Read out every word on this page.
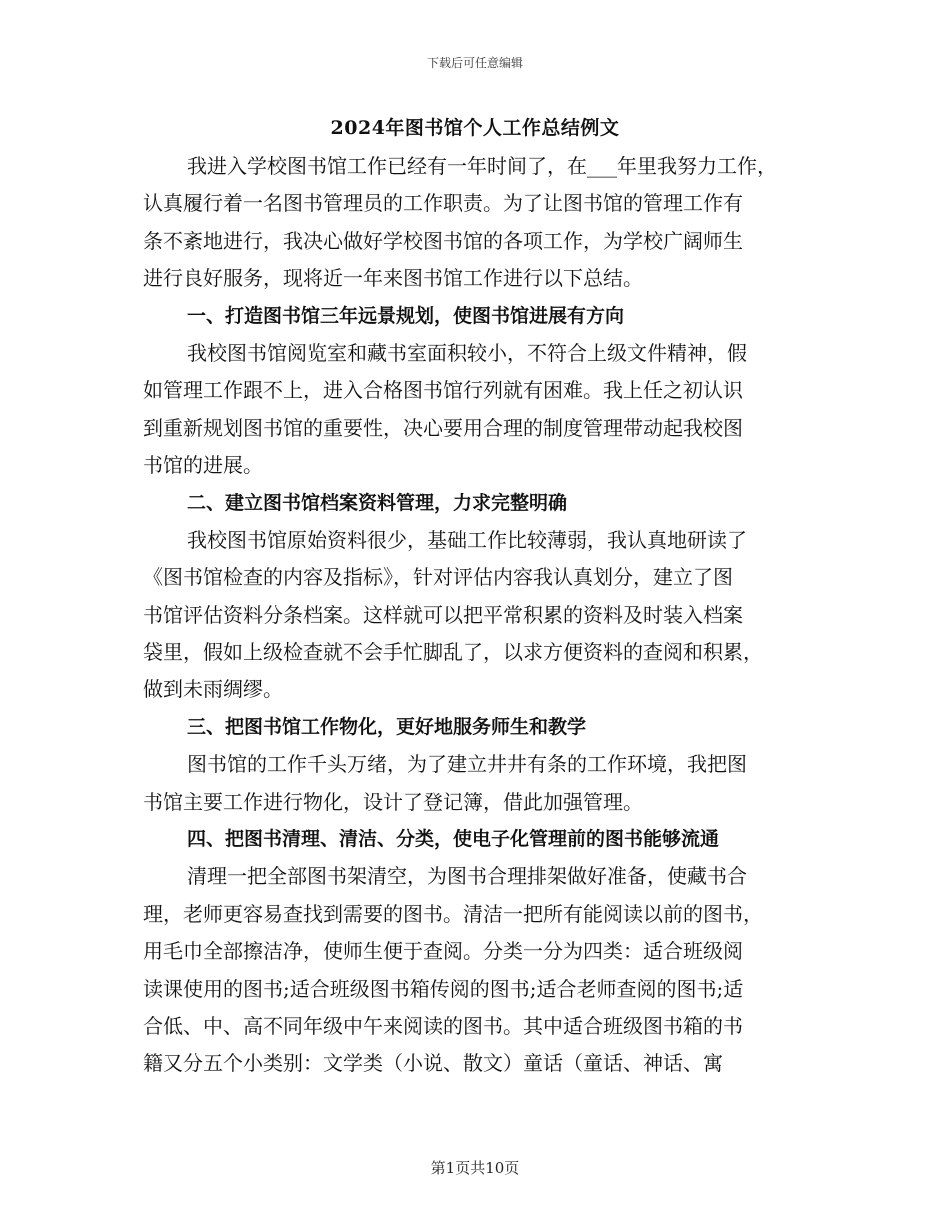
下载后可任意编辑
2024年图书馆个人工作总结例文
我进入学校图书馆工作已经有一年时间了，在___年里我努力工作，
认真履行着一名图书管理员的工作职责。为了让图书馆的管理工作有
条不紊地进行，我决心做好学校图书馆的各项工作，为学校广阔师生
进行良好服务，现将近一年来图书馆工作进行以下总结。
一、打造图书馆三年远景规划，使图书馆进展有方向
我校图书馆阅览室和藏书室面积较小，不符合上级文件精神，假
如管理工作跟不上，进入合格图书馆行列就有困难。我上任之初认识
到重新规划图书馆的重要性，决心要用合理的制度管理带动起我校图
书馆的进展。
二、建立图书馆档案资料管理，力求完整明确
我校图书馆原始资料很少，基础工作比较薄弱，我认真地研读了
《图书馆检查的内容及指标》，针对评估内容我认真划分，建立了图
书馆评估资料分条档案。这样就可以把平常积累的资料及时装入档案
袋里，假如上级检查就不会手忙脚乱了，以求方便资料的查阅和积累，
做到未雨绸缪。
三、把图书馆工作物化，更好地服务师生和教学
图书馆的工作千头万绪，为了建立井井有条的工作环境，我把图
书馆主要工作进行物化，设计了登记簿，借此加强管理。
四、把图书清理、清洁、分类，使电子化管理前的图书能够流通
清理一把全部图书架清空，为图书合理排架做好准备，使藏书合
理，老师更容易查找到需要的图书。清洁一把所有能阅读以前的图书，
用毛巾全部擦洁净，使师生便于查阅。分类一分为四类：适合班级阅
读课使用的图书;适合班级图书箱传阅的图书;适合老师查阅的图书;适
合低、中、高不同年级中午来阅读的图书。其中适合班级图书箱的书
籍又分五个小类别：文学类（小说、散文）童话（童话、神话、寓
第1页共10页
